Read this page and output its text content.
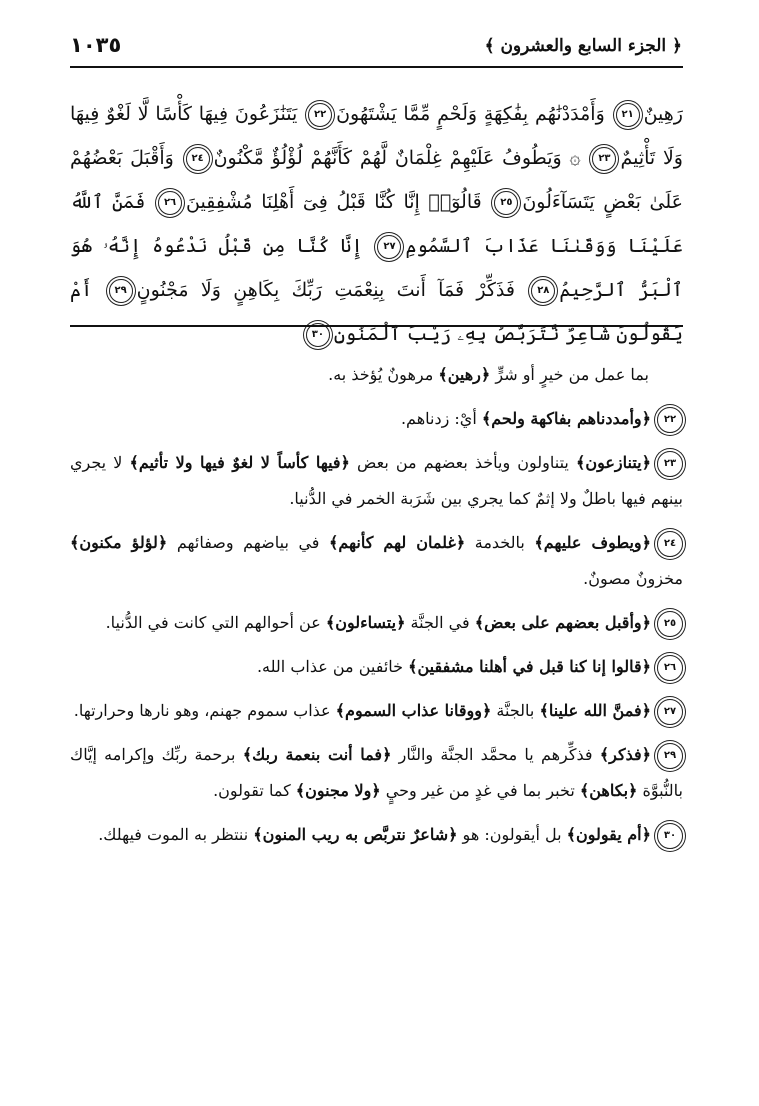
﴿ الجزء السابع والعشرون ﴾
١٠٣٥
رَهِينٌ٢١ وَأَمْدَدْنَٰهُم بِفَٰكِهَةٍ وَلَحْمٍ مِّمَّا يَشْتَهُونَ٢٢ يَتَنَٰزَعُونَ فِيهَا كَأْسًا لَّا لَغْوٌ فِيهَا وَلَا تَأْثِيمٌ٢٣ ۞ وَيَطُوفُ عَلَيْهِمْ غِلْمَانٌ لَّهُمْ كَأَنَّهُمْ لُؤْلُؤٌ مَّكْنُونٌ٢٤ وَأَقْبَلَ بَعْضُهُمْ عَلَىٰ بَعْضٍ يَتَسَآءَلُونَ٢٥ قَالُوٓا۟ إِنَّا كُنَّا قَبْلُ فِىٓ أَهْلِنَا مُشْفِقِينَ٢٦ فَمَنَّ ٱللَّهُ عَلَيْنَا وَوَقَىٰنَا عَذَابَ ٱلسَّمُومِ٢٧ إِنَّا كُنَّا مِن قَبْلُ نَدْعُوهُ إِنَّهُۥ هُوَ ٱلْبَرُّ ٱلرَّحِيمُ٢٨ فَذَكِّرْ فَمَآ أَنتَ بِنِعْمَتِ رَبِّكَ بِكَاهِنٍ وَلَا مَجْنُونٍ٢٩ أَمْ يَقُولُونَ شَاعِرٌ نَّتَرَبَّصُ بِهِۦ رَيْبَ ٱلْمَنُونِ٣٠
بما عمل من خيرٍ أو شرٍّ ﴿رهين﴾ مرهونٌ يُؤخذ به.
٢٢﴿وأمددناهم بفاكهة ولحم﴾ أيْ: زدناهم.
٢٣﴿يتنازعون﴾ يتناولون ويأخذ بعضهم من بعض ﴿فيها كأساً لا لغوٌ فيها ولا تأثيم﴾ لا يجري بينهم فيها باطلٌ ولا إثمٌ كما يجري بين شَرَبة الخمر في الدُّنيا.
٢٤﴿ويطوف عليهم﴾ بالخدمة ﴿غلمان لهم كأنهم﴾ في بياضهم وصفائهم ﴿لؤلؤ مكنون﴾ مخزونٌ مصونٌ.
٢٥﴿وأقبل بعضهم على بعض﴾ في الجنَّة ﴿يتساءلون﴾ عن أحوالهم التي كانت في الدُّنيا.
٢٦﴿قالوا إنا كنا قبل في أهلنا مشفقين﴾ خائفين من عذاب الله.
٢٧﴿فمنَّ الله علينا﴾ بالجنَّة ﴿ووقانا عذاب السموم﴾ عذاب سموم جهنم، وهو نارها وحرارتها.
٢٩﴿فذكر﴾ فذكِّرهم يا محمَّد الجنَّة والنَّار ﴿فما أنت بنعمة ربك﴾ برحمة ربِّك وإكرامه إيَّاك بالنُّبوَّة ﴿بكاهن﴾ تخبر بما في غدٍ من غير وحيٍ ﴿ولا مجنون﴾ كما تقولون.
٣٠﴿أم يقولون﴾ بل أيقولون: هو ﴿شاعرٌ نتربَّص به ريب المنون﴾ ننتظر به الموت فيهلك.
